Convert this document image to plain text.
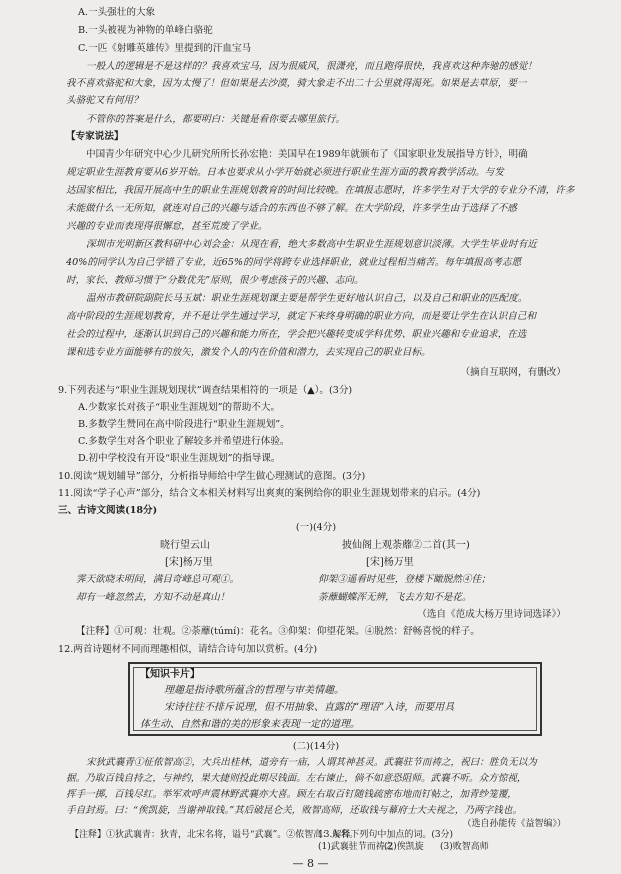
A.一头强壮的大象
B.一头被视为神物的单峰白骆驼
C.一匹《射雕英雄传》里提到的汗血宝马
一般人的逻辑是不是这样的？我喜欢宝马，因为很威风，很潇亮，而且跑得很快，我喜欢这种奔驰的感觉！
我不喜欢骆驼和大象，因为太慢了！但如果是去沙漠，骑大象走不出二十公里就得渴死。如果是去草原，要一
头骆驼又有何用？
不管你的答案是什么，都要明白：关键是看你要去哪里旅行。
【专家说法】
中国青少年研究中心少儿研究所所长孙宏艳：美国早在1989年就颁布了《国家职业发展指导方针》，明确
规定职业生涯教育要从6岁开始。日本也要求从小学开始就必须进行职业生涯方面的教育教学活动。与发
达国家相比，我国开展高中生的职业生涯规划教育的时间比较晚。在填报志愿时，许多学生对于大学的专业分不清，许多
未能做什么一无所知，就连对自己的兴趣与适合的东西也不够了解。在大学阶段，许多学生由于选择了不感
兴趣的专业而表现得很懈怠，甚至荒废了学业。
深圳市光明新区教科研中心刘会金：从现在看，绝大多数高中生职业生涯规划意识淡薄。大学生毕业时有近
40%的同学认为自己学错了专业，近65%的同学将跨专业选择职业，就业过程相当痛苦。每年填报高考志愿
时，家长、教师习惯于“分数优先”原则，很少考虑孩子的兴趣、志向。
温州市教研院副院长马玉斌：职业生涯规划课主要是帮学生更好地认识自己，以及自己和职业的匹配度。
高中阶段的生涯规划教育，并不是让学生通过学习，就定下来终身明确的职业方向，而是要让学生在认识自己和
社会的过程中，逐渐认识到自己的兴趣和能力所在，学会把兴趣转变成学科优势、职业兴趣和专业追求，在选
课和选专业方面能够有的放矢，激发个人的内在价值和潜力，去实现自己的职业目标。
（摘自互联网，有删改）
9.下列表述与“职业生涯规划现状”调查结果相符的一项是（▲）。(3分)
A.少数家长对孩子“职业生涯规划”的帮助不大。
B.多数学生赞同在高中阶段进行“职业生涯规划”。
C.多数学生对各个职业了解较多并希望进行体验。
D.初中学校没有开设“职业生涯规划”的指导课。
10.阅读“规划辅导”部分，分析指导师给中学生做心理测试的意图。(3分)
11.阅读“学子心声”部分，结合文本相关材料写出爽爽的案例给你的职业生涯规划带来的启示。(4分)
三、古诗文阅读(18分)
(一)(4分)
晓行望云山
[宋]杨万里
霁天欲晓未明间，满目奇峰总可观①。
却有一峰忽然去，方知不动是真山！
披仙阁上观荼蘼②二首(其一)
[宋]杨万里
仰架③遥看时见些，登楼下瞰脱然④佳；
荼蘼蝴蝶浑无辨，飞去方知不是花。
（选自《范成大杨万里诗词选译》）
【注释】①可观：壮观。②荼蘼(túmí)：花名。③仰架：仰望花架。④脱然：舒畅喜悦的样子。
12.两首诗题材不同而理趣相似，请结合诗句加以赏析。(4分)
【知识卡片】
理趣是指诗歌所蕴含的哲理与审美情趣。
宋诗往往不排斥说理，但不用抽象、直露的“理语”入诗，而要用具
体生动、自然和谐的美的形象来表现一定的道理。
(二)(14分)
宋狄武襄青①征侬智高②，大兵出桂林，道旁有一庙，人谓其神甚灵。武襄驻节而祷之，祝曰：胜负无以为
据。乃取百钱自持之，与神约，果大捷则投此期尽钱面。左右谏止，倘不如意恐阻师。武襄不听。众方惊视，
挥手一掷，百钱尽红。举军欢呼声震林野武襄亦大喜。顾左右取百钉随钱疏密布地而钉帖之，加青纱笼覆，
手自封焉。曰：“俟凯旋，当谢神取钱。”其后破昆仑关，败智高师，还取钱与幕府士大夫视之，乃两字钱也。
（选自孙能传《益智编》）
【注释】①狄武襄青：狄青，北宋名将，谥号“武襄”。②侬智高：人名。
13.解释下列句中加点的词。(3分)
(1)武襄驻节而祷之
(2)俟凯旋	(3)败智高师
— 8 —
